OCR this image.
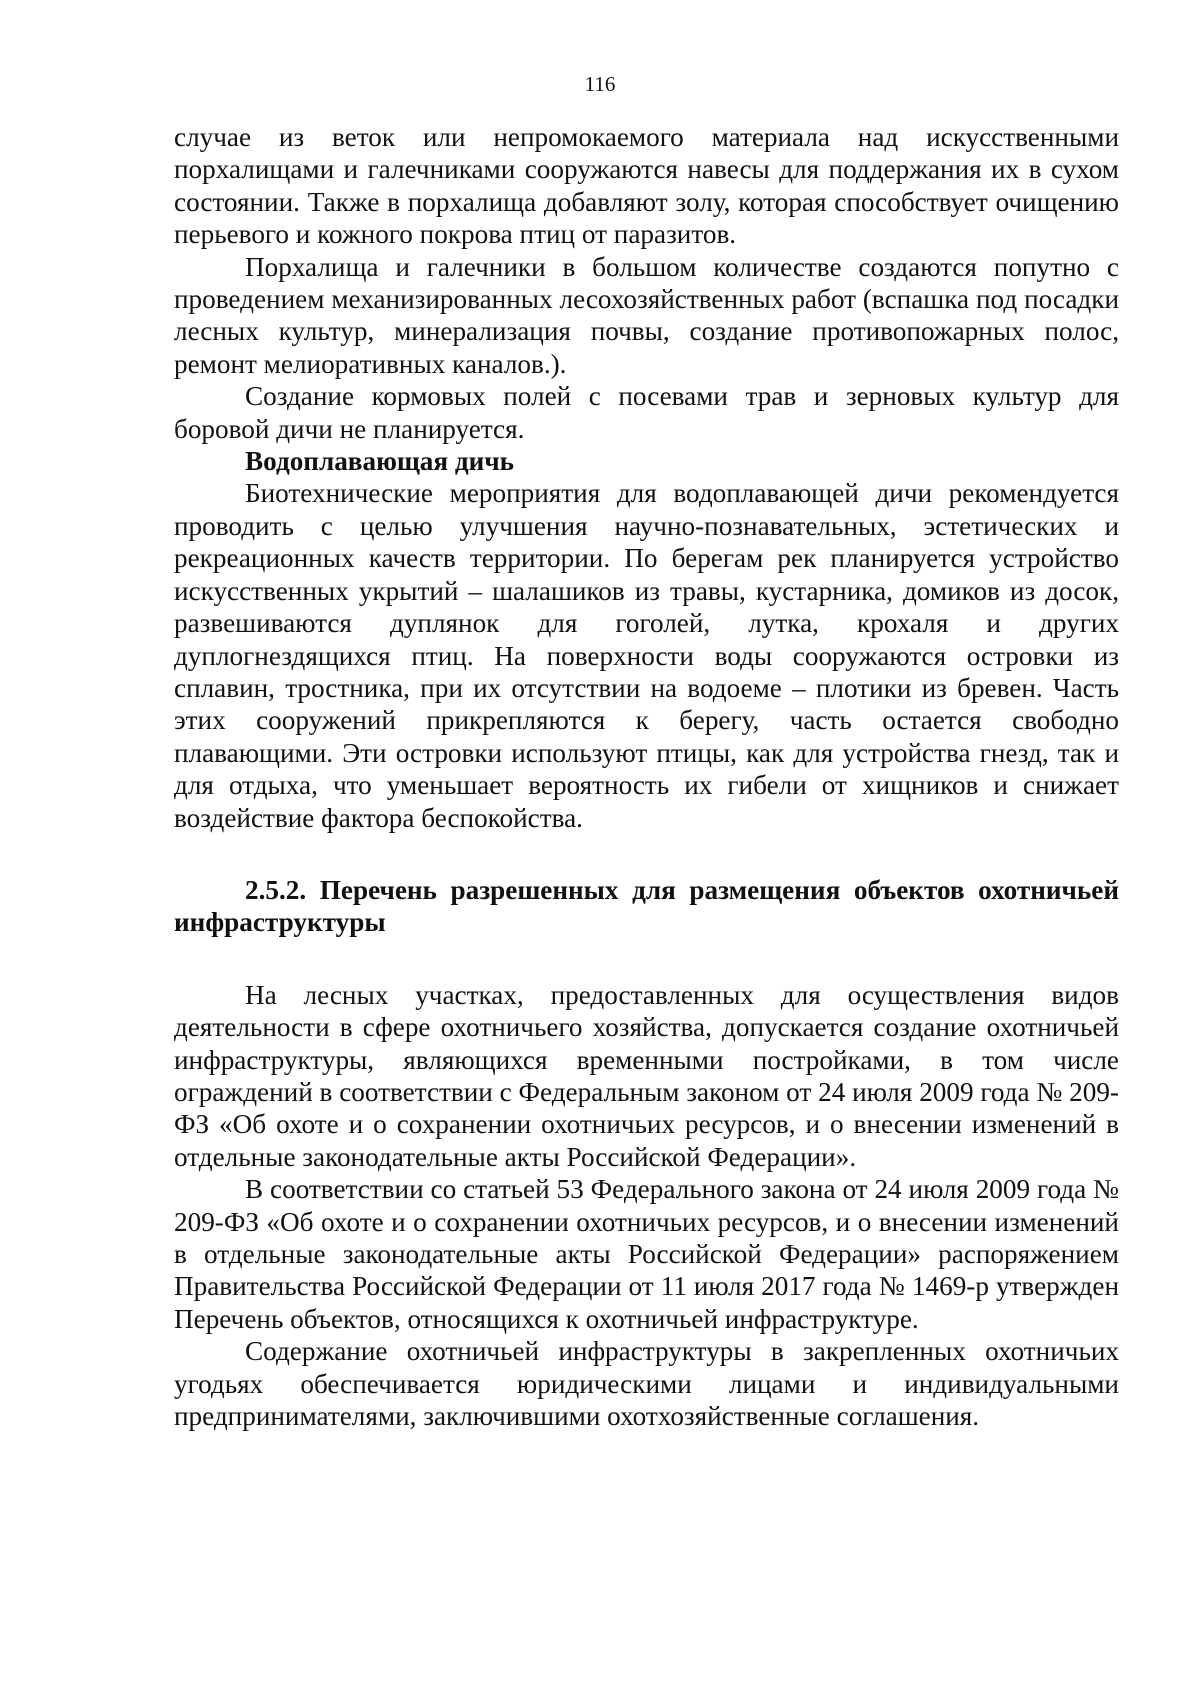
116

случае из веток или непромокаемого материала над искусственными порхалищами и галечниками сооружаются навесы для поддержания их в сухом состоянии. Также в порхалища добавляют золу, которая способствует очищению перьевого и кожного покрова птиц от паразитов.

Порхалища и галечники в большом количестве создаются попутно с проведением механизированных лесохозяйственных работ (вспашка под посадки лесных культур, минерализация почвы, создание противопожарных полос, ремонт мелиоративных каналов.).

Создание кормовых полей с посевами трав и зерновых культур для боровой дичи не планируется.

Водоплавающая дичь

Биотехнические мероприятия для водоплавающей дичи рекомендуется проводить с целью улучшения научно-познавательных, эстетических и рекреационных качеств территории. По берегам рек планируется устройство искусственных укрытий – шалашиков из травы, кустарника, домиков из досок, развешиваются дуплянок для гоголей, лутка, крохаля и других дуплогнездящихся птиц. На поверхности воды сооружаются островки из сплавин, тростника, при их отсутствии на водоеме – плотики из бревен. Часть этих сооружений прикрепляются к берегу, часть остается свободно плавающими. Эти островки используют птицы, как для устройства гнезд, так и для отдыха, что уменьшает вероятность их гибели от хищников и снижает воздействие фактора беспокойства.

2.5.2. Перечень разрешенных для размещения объектов охотничьей инфраструктуры

На лесных участках, предоставленных для осуществления видов деятельности в сфере охотничьего хозяйства, допускается создание охотничьей инфраструктуры, являющихся временными постройками, в том числе ограждений в соответствии с Федеральным законом от 24 июля 2009 года № 209-ФЗ «Об охоте и о сохранении охотничьих ресурсов, и о внесении изменений в отдельные законодательные акты Российской Федерации».

В соответствии со статьей 53 Федерального закона от 24 июля 2009 года № 209-ФЗ «Об охоте и о сохранении охотничьих ресурсов, и о внесении изменений в отдельные законодательные акты Российской Федерации» распоряжением Правительства Российской Федерации от 11 июля 2017 года № 1469-р утвержден Перечень объектов, относящихся к охотничьей инфраструктуре.

Содержание охотничьей инфраструктуры в закрепленных охотничьих угодьях обеспечивается юридическими лицами и индивидуальными предпринимателями, заключившими охотхозяйственные соглашения.
